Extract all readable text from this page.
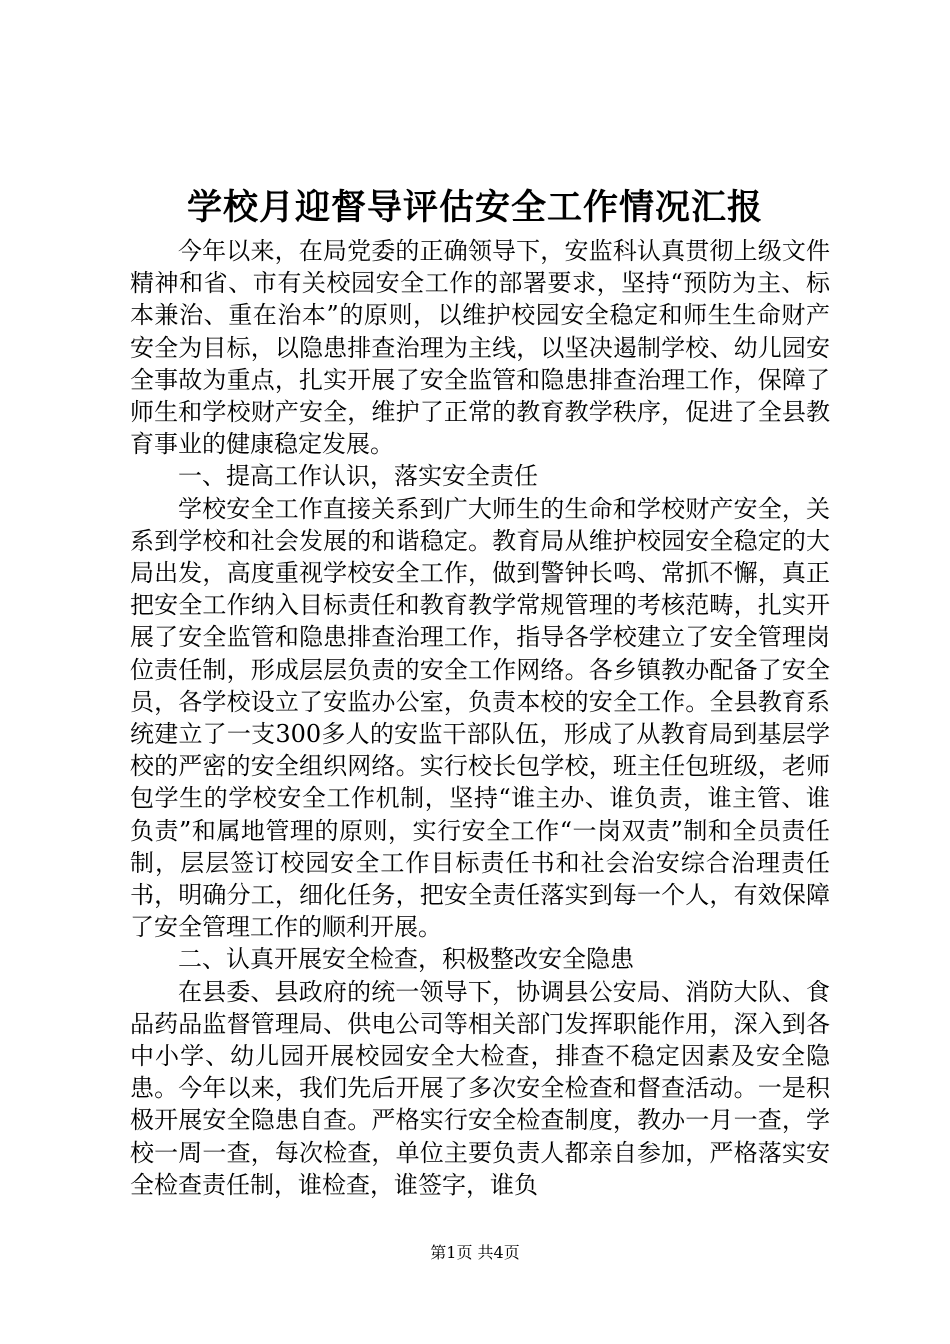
学校月迎督导评估安全工作情况汇报

今年以来，在局党委的正确领导下，安监科认真贯彻上级文件精神和省、市有关校园安全工作的部署要求，坚持“预防为主、标本兼治、重在治本”的原则，以维护校园安全稳定和师生生命财产安全为目标，以隐患排查治理为主线，以坚决遏制学校、幼儿园安全事故为重点，扎实开展了安全监管和隐患排查治理工作，保障了师生和学校财产安全，维护了正常的教育教学秩序，促进了全县教育事业的健康稳定发展。

一、提高工作认识，落实安全责任

学校安全工作直接关系到广大师生的生命和学校财产安全，关系到学校和社会发展的和谐稳定。教育局从维护校园安全稳定的大局出发，高度重视学校安全工作，做到警钟长鸣、常抓不懈，真正把安全工作纳入目标责任和教育教学常规管理的考核范畴，扎实开展了安全监管和隐患排查治理工作，指导各学校建立了安全管理岗位责任制，形成层层负责的安全工作网络。各乡镇教办配备了安全员，各学校设立了安监办公室，负责本校的安全工作。全县教育系统建立了一支300多人的安监干部队伍，形成了从教育局到基层学校的严密的安全组织网络。实行校长包学校，班主任包班级，老师包学生的学校安全工作机制，坚持“谁主办、谁负责，谁主管、谁负责”和属地管理的原则，实行安全工作“一岗双责”制和全员责任制，层层签订校园安全工作目标责任书和社会治安综合治理责任书，明确分工，细化任务，把安全责任落实到每一个人，有效保障了安全管理工作的顺利开展。

二、认真开展安全检查，积极整改安全隐患

在县委、县政府的统一领导下，协调县公安局、消防大队、食品药品监督管理局、供电公司等相关部门发挥职能作用，深入到各中小学、幼儿园开展校园安全大检查，排查不稳定因素及安全隐患。今年以来，我们先后开展了多次安全检查和督查活动。一是积极开展安全隐患自查。严格实行安全检查制度，教办一月一查，学校一周一查，每次检查，单位主要负责人都亲自参加，严格落实安全检查责任制，谁检查，谁签字，谁负

第1页 共4页
